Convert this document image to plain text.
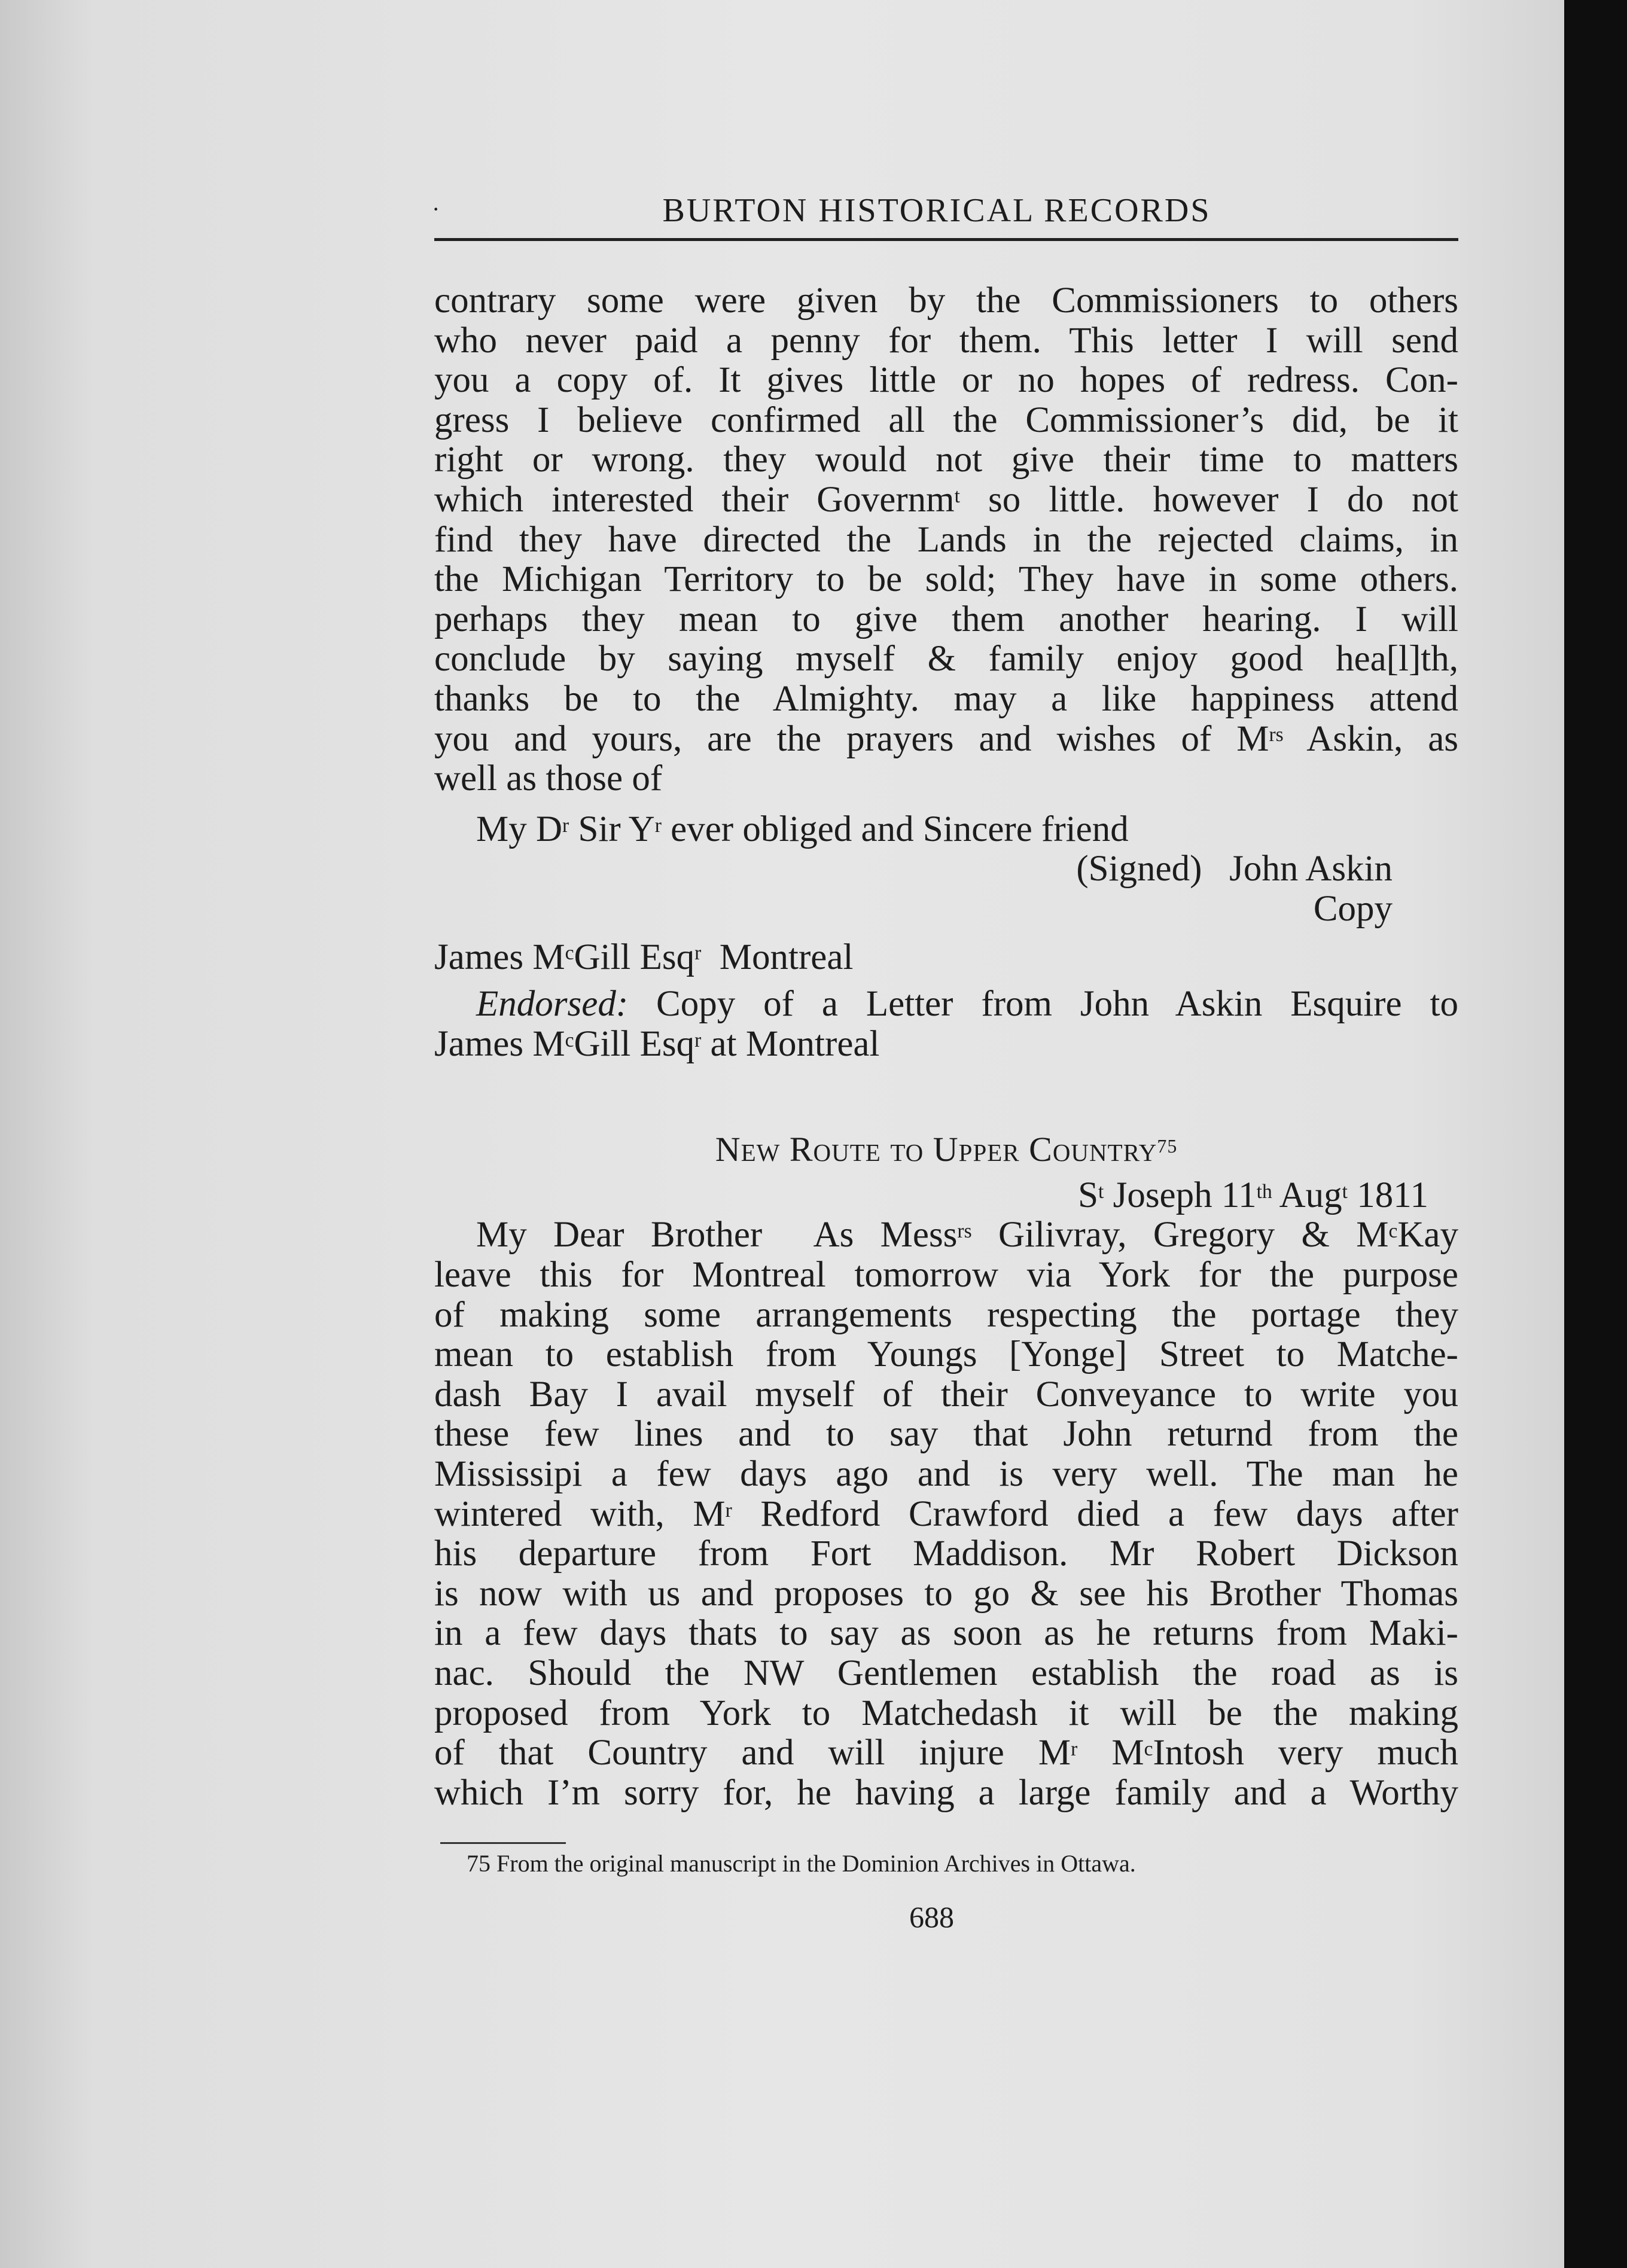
·	BURTON HISTORICAL RECORDS
contrary some were given by the Commissioners to others
who never paid a penny for them. This letter I will send
you a copy of. It gives little or no hopes of redress. Con-
gress I believe confirmed all the Commissioner’s did, be it
right or wrong. they would not give their time to matters
which interested their Governm$^t$ so little. however I do not
find they have directed the Lands in the rejected claims, in
the Michigan Territory to be sold; They have in some others.
perhaps they mean to give them another hearing. I will
conclude by saying myself & family enjoy good hea[l]th,
thanks be to the Almighty. may a like happiness attend
you and yours, are the prayers and wishes of $M^{rs}$ Askin, as
well as those of
My $D^r$ Sir $Y^r$ ever obliged and Sincere friend
(Signed)   John Askin
Copy
James $M^cGill$ Esq$^r$  Montreal
Endorsed: Copy of a Letter from John Askin Esquire to
James $M^cGill$ Esq$^r$ at Montreal
New Route to Upper Country$^{75}$
$S^t$ Joseph 11th Aug$^t$ 1811
My Dear Brother  As Mess$^{rs}$ Gilivray, Gregory & $M^cKay$
leave this for Montreal tomorrow via York for the purpose
of making some arrangements respecting the portage they
mean to establish from Youngs [Yonge] Street to Matche-
dash Bay I avail myself of their Conveyance to write you
these few lines and to say that John returnd from the
Mississipi a few days ago and is very well. The man he
wintered with, $M^r$ Redford Crawford died a few days after
his departure from Fort Maddison. Mr Robert Dickson
is now with us and proposes to go & see his Brother Thomas
in a few days thats to say as soon as he returns from Maki-
nac. Should the NW Gentlemen establish the road as is
proposed from York to Matchedash it will be the making
of that Country and will injure $M^r$ $M^cIntosh$ very much
which I’m sorry for, he having a large family and a Worthy
75 From the original manuscript in the Dominion Archives in Ottawa.
688
